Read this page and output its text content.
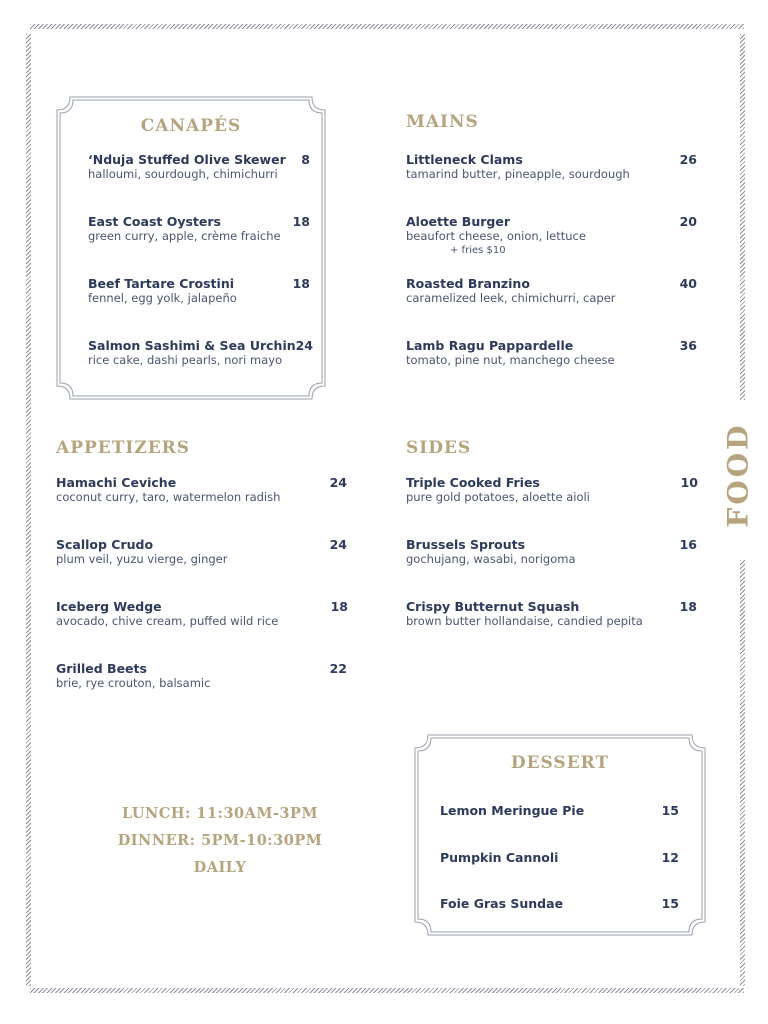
FOOD
CANAPÉS
‘Nduja Stuffed Olive Skewer
halloumi, sourdough, chimichurri
8
East Coast Oysters
green curry, apple, crème fraiche
18
Beef Tartare Crostini
fennel, egg yolk, jalapeño
18
Salmon Sashimi & Sea Urchin
rice cake, dashi pearls, nori mayo
24
MAINS
Littleneck Clams
tamarind butter, pineapple, sourdough
26
Aloette Burger
beaufort cheese, onion, lettuce
+ fries $10
20
Roasted Branzino
caramelized leek, chimichurri, caper
40
Lamb Ragu Pappardelle
tomato, pine nut, manchego cheese
36
APPETIZERS
Hamachi Ceviche
coconut curry, taro, watermelon radish
24
Scallop Crudo
plum veil, yuzu vierge, ginger
24
Iceberg Wedge
avocado, chive cream, puffed wild rice
18
Grilled Beets
brie, rye crouton, balsamic
22
SIDES
Triple Cooked Fries
pure gold potatoes, aloette aioli
10
Brussels Sprouts
gochujang, wasabi, norigoma
16
Crispy Butternut Squash
brown butter hollandaise, candied pepita
18
LUNCH: 11:30AM-3PM
DINNER: 5PM-10:30PM
DAILY
DESSERT
Lemon Meringue Pie	15
Pumpkin Cannoli	12
Foie Gras Sundae	15
